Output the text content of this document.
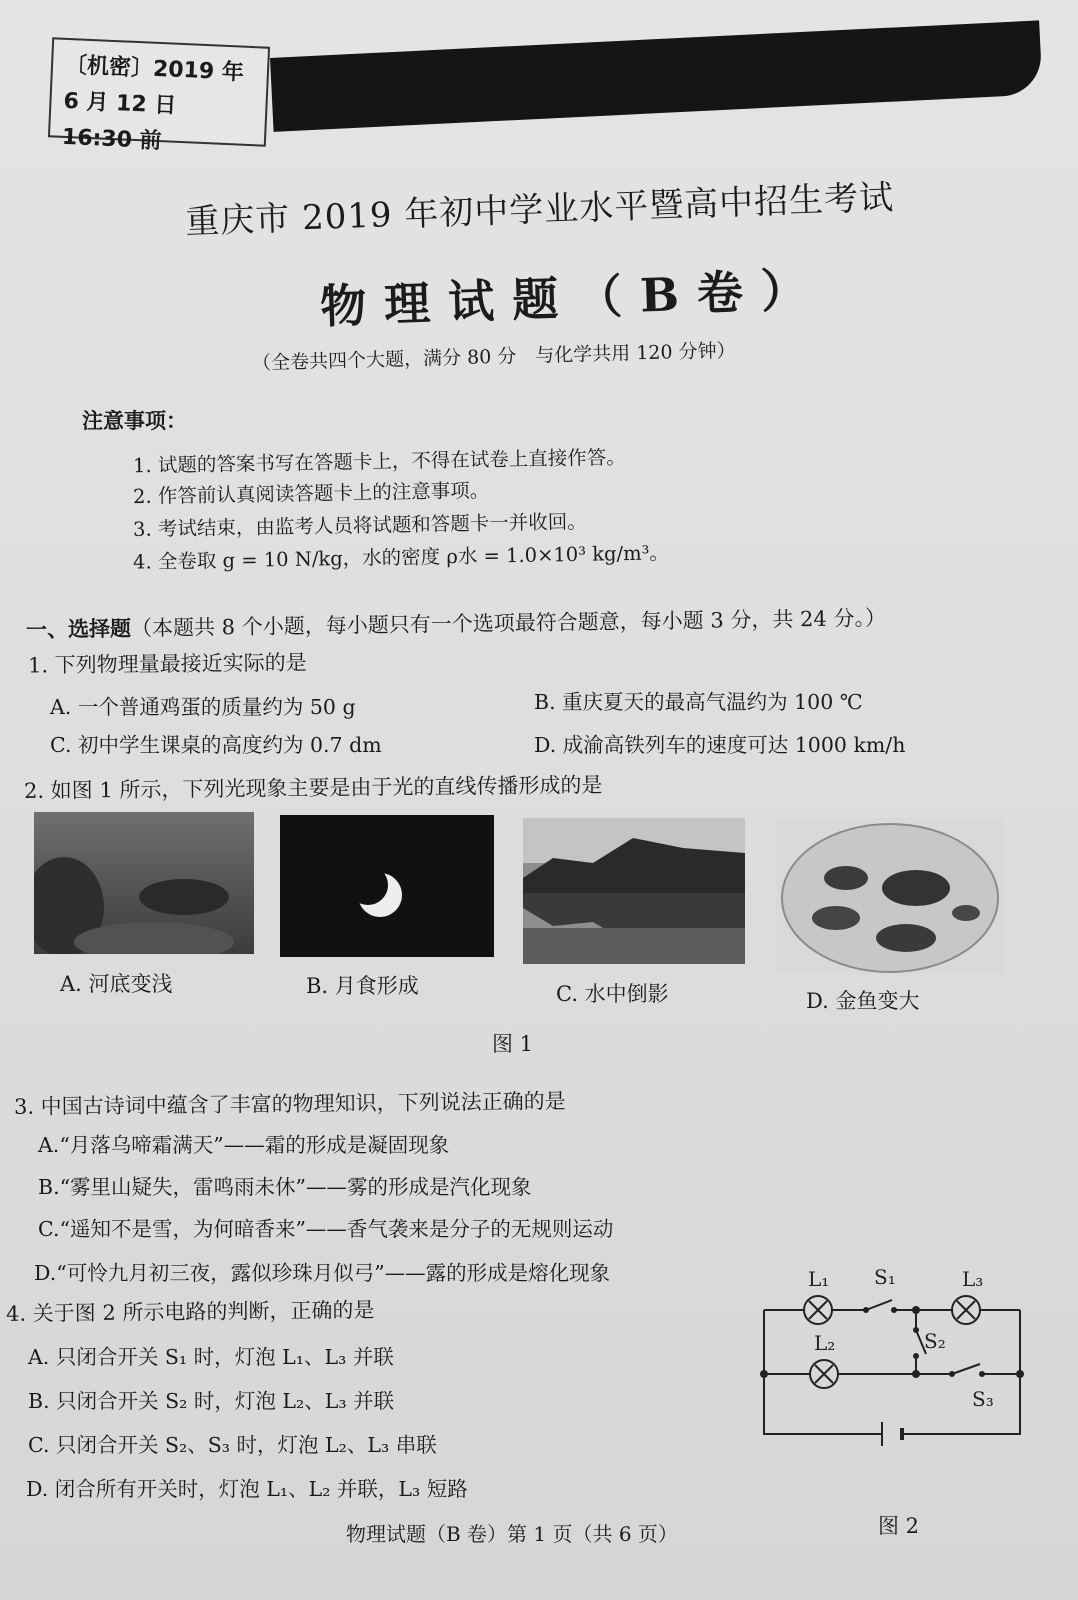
〔机密〕2019 年
6 月 12 日 16:30 前
重庆市 2019 年初中学业水平暨高中招生考试
物理试题（B卷）
（全卷共四个大题，满分 80 分　与化学共用 120 分钟）
注意事项：
1. 试题的答案书写在答题卡上，不得在试卷上直接作答。
2. 作答前认真阅读答题卡上的注意事项。
3. 考试结束，由监考人员将试题和答题卡一并收回。
4. 全卷取 g = 10 N/kg，水的密度 ρ水 = 1.0×10³ kg/m³。
一、选择题（本题共 8 个小题，每小题只有一个选项最符合题意，每小题 3 分，共 24 分。）
1. 下列物理量最接近实际的是
A. 一个普通鸡蛋的质量约为 50 g	B. 重庆夏天的最高气温约为 100 ℃
C. 初中学生课桌的高度约为 0.7 dm	D. 成渝高铁列车的速度可达 1000 km/h
2. 如图 1 所示，下列光现象主要是由于光的直线传播形成的是
A. 河底变浅	B. 月食形成	C. 水中倒影	D. 金鱼变大
图 1
3. 中国古诗词中蕴含了丰富的物理知识，下列说法正确的是
A.“月落乌啼霜满天”——霜的形成是凝固现象
B.“雾里山疑失，雷鸣雨未休”——雾的形成是汽化现象
C.“遥知不是雪，为何暗香来”——香气袭来是分子的无规则运动
D.“可怜九月初三夜，露似珍珠月似弓”——露的形成是熔化现象
4. 关于图 2 所示电路的判断，正确的是
A. 只闭合开关 S₁ 时，灯泡 L₁、L₃ 并联
B. 只闭合开关 S₂ 时，灯泡 L₂、L₃ 并联
C. 只闭合开关 S₂、S₃ 时，灯泡 L₂、L₃ 串联
D. 闭合所有开关时，灯泡 L₁、L₂ 并联，L₃ 短路
L₁ S₁	L₃
L₂	S₂
S₃
图 2
物理试题（B 卷）第 1 页（共 6 页）
